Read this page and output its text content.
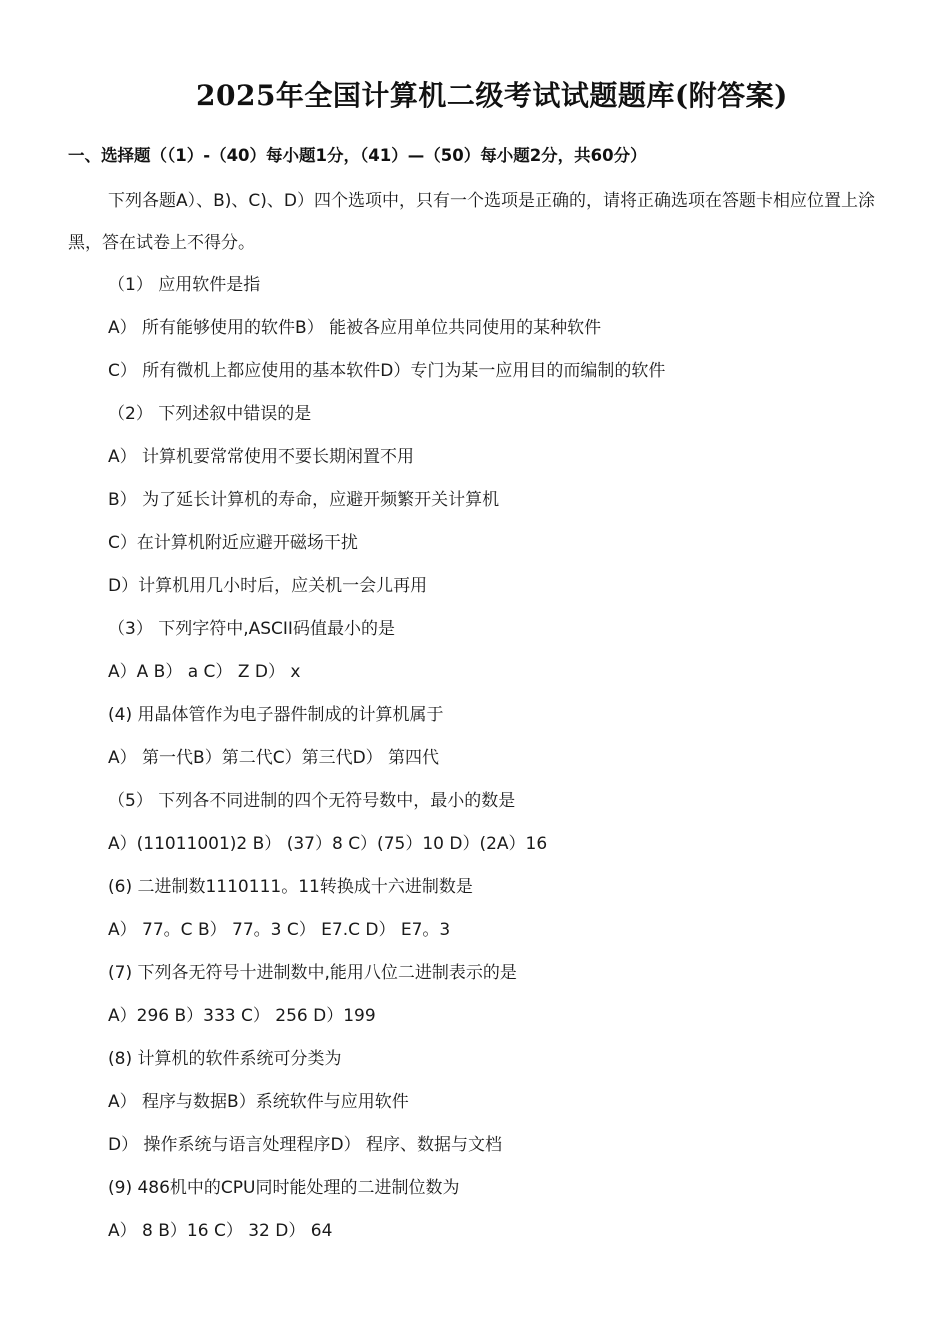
2025年全国计算机二级考试试题题库(附答案)
一、选择题（（1）-（40）每小题1分，（41）—（50）每小题2分，共60分）
下列各题A）、B)、C)、D）四个选项中，只有一个选项是正确的，请将正确选项在答题卡相应位置上涂黑，答在试卷上不得分。
（1） 应用软件是指
A） 所有能够使用的软件B） 能被各应用单位共同使用的某种软件
C） 所有微机上都应使用的基本软件D）专门为某一应用目的而编制的软件
（2） 下列述叙中错误的是
A） 计算机要常常使用不要长期闲置不用
B） 为了延长计算机的寿命，应避开频繁开关计算机
C）在计算机附近应避开磁场干扰
D）计算机用几小时后，应关机一会儿再用
（3） 下列字符中,ASCII码值最小的是
A）A B） a C） Z D） x
(4) 用晶体管作为电子器件制成的计算机属于
A） 第一代B）第二代C）第三代D） 第四代
（5） 下列各不同进制的四个无符号数中，最小的数是
A）(11011001)2 B） (37）8 C）(75）10 D）(2A）16
(6) 二进制数1110111。11转换成十六进制数是
A） 77。C B） 77。3 C） E7.C D） E7。3
(7) 下列各无符号十进制数中,能用八位二进制表示的是
A）296 B）333 C） 256 D）199
(8) 计算机的软件系统可分类为
A） 程序与数据B）系统软件与应用软件
D） 操作系统与语言处理程序D） 程序、数据与文档
(9) 486机中的CPU同时能处理的二进制位数为
A） 8 B）16 C） 32 D） 64
